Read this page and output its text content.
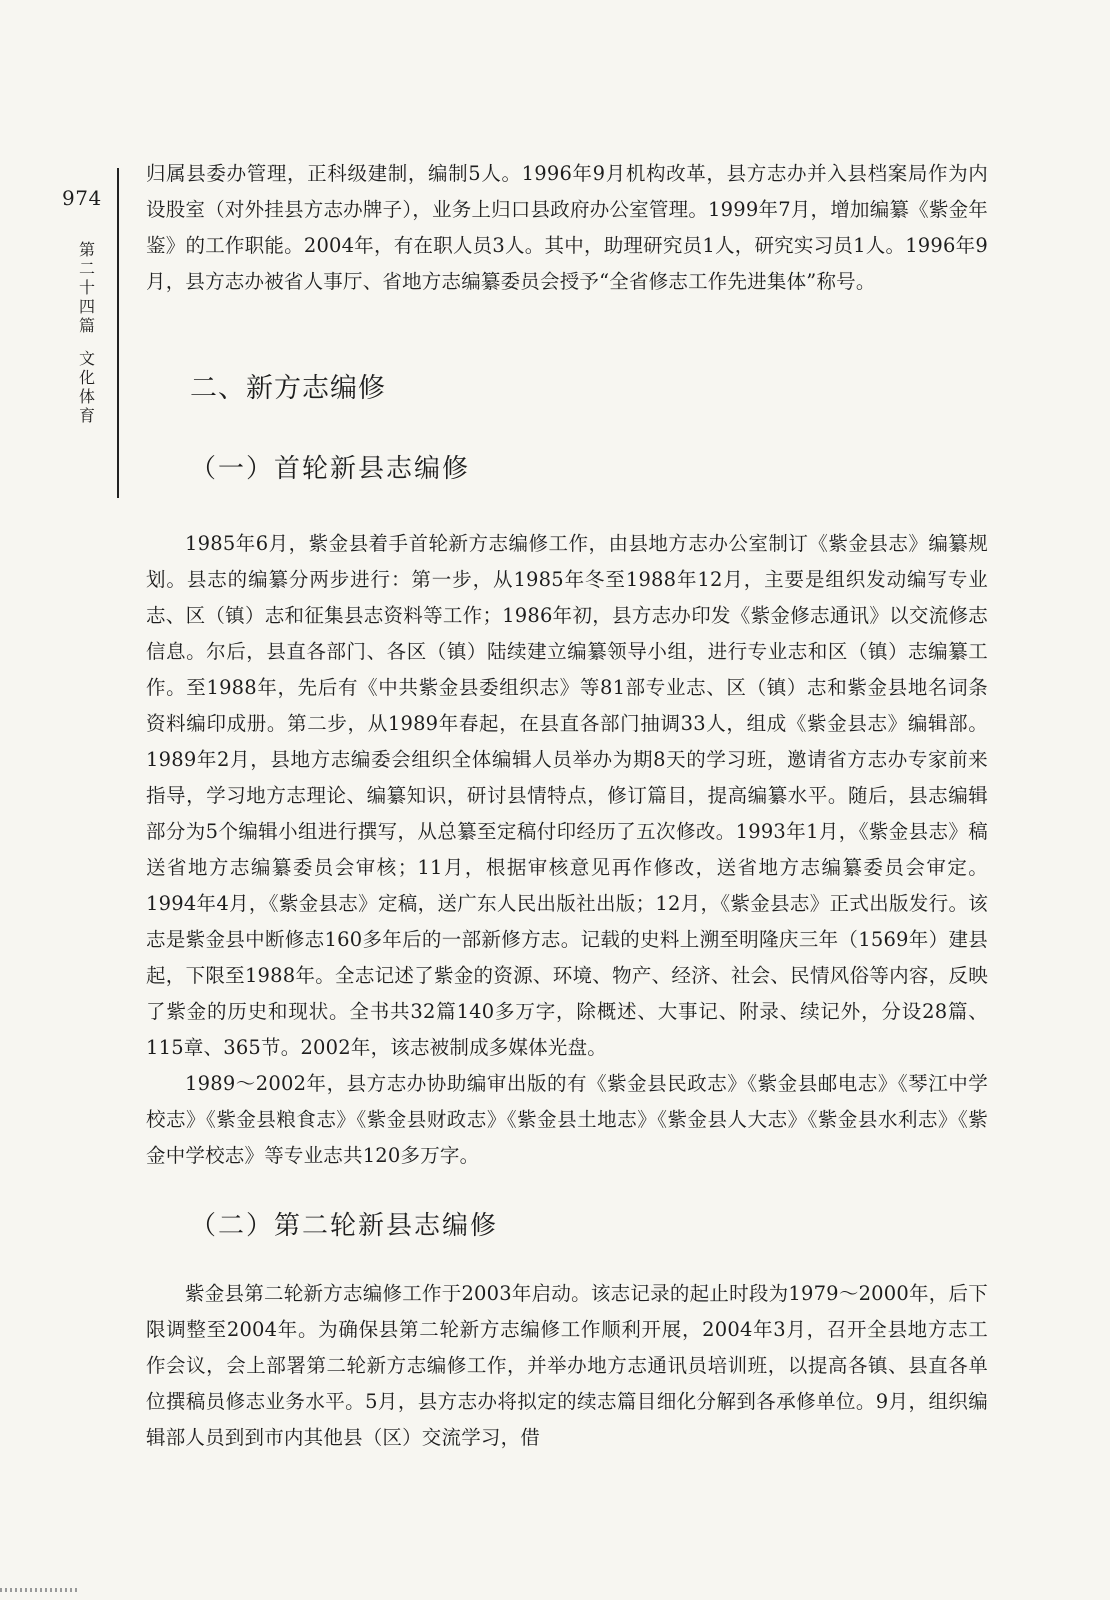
974
第二十四篇
文化　体育

归属县委办管理，正科级建制，编制5人。1996年9月机构改革，县方志办并入县档案局作为内设股室（对外挂县方志办牌子），业务上归口县政府办公室管理。1999年7月，增加编纂《紫金年鉴》的工作职能。2004年，有在职人员3人。其中，助理研究员1人，研究实习员1人。1996年9月，县方志办被省人事厅、省地方志编纂委员会授予“全省修志工作先进集体”称号。

二、新方志编修
（一）首轮新县志编修

1985年6月，紫金县着手首轮新方志编修工作，由县地方志办公室制订《紫金县志》编纂规划。县志的编纂分两步进行：第一步，从1985年冬至1988年12月，主要是组织发动编写专业志、区（镇）志和征集县志资料等工作；1986年初，县方志办印发《紫金修志通讯》以交流修志信息。尔后，县直各部门、各区（镇）陆续建立编纂领导小组，进行专业志和区（镇）志编纂工作。至1988年，先后有《中共紫金县委组织志》等81部专业志、区（镇）志和紫金县地名词条资料编印成册。第二步，从1989年春起，在县直各部门抽调33人，组成《紫金县志》编辑部。1989年2月，县地方志编委会组织全体编辑人员举办为期8天的学习班，邀请省方志办专家前来指导，学习地方志理论、编纂知识，研讨县情特点，修订篇目，提高编纂水平。随后，县志编辑部分为5个编辑小组进行撰写，从总纂至定稿付印经历了五次修改。1993年1月，《紫金县志》稿送省地方志编纂委员会审核；11月，根据审核意见再作修改，送省地方志编纂委员会审定。1994年4月，《紫金县志》定稿，送广东人民出版社出版；12月，《紫金县志》正式出版发行。该志是紫金县中断修志160多年后的一部新修方志。记载的史料上溯至明隆庆三年（1569年）建县起，下限至1988年。全志记述了紫金的资源、环境、物产、经济、社会、民情风俗等内容，反映了紫金的历史和现状。全书共32篇140多万字，除概述、大事记、附录、续记外，分设28篇、115章、365节。2002年，该志被制成多媒体光盘。

1989～2002年，县方志办协助编审出版的有《紫金县民政志》《紫金县邮电志》《琴江中学校志》《紫金县粮食志》《紫金县财政志》《紫金县土地志》《紫金县人大志》《紫金县水利志》《紫金中学校志》等专业志共120多万字。

（二）第二轮新县志编修

紫金县第二轮新方志编修工作于2003年启动。该志记录的起止时段为1979～2000年，后下限调整至2004年。为确保县第二轮新方志编修工作顺利开展，2004年3月，召开全县地方志工作会议，会上部署第二轮新方志编修工作，并举办地方志通讯员培训班，以提高各镇、县直各单位撰稿员修志业务水平。5月，县方志办将拟定的续志篇目细化分解到各承修单位。9月，组织编辑部人员到到市内其他县（区）交流学习，借
